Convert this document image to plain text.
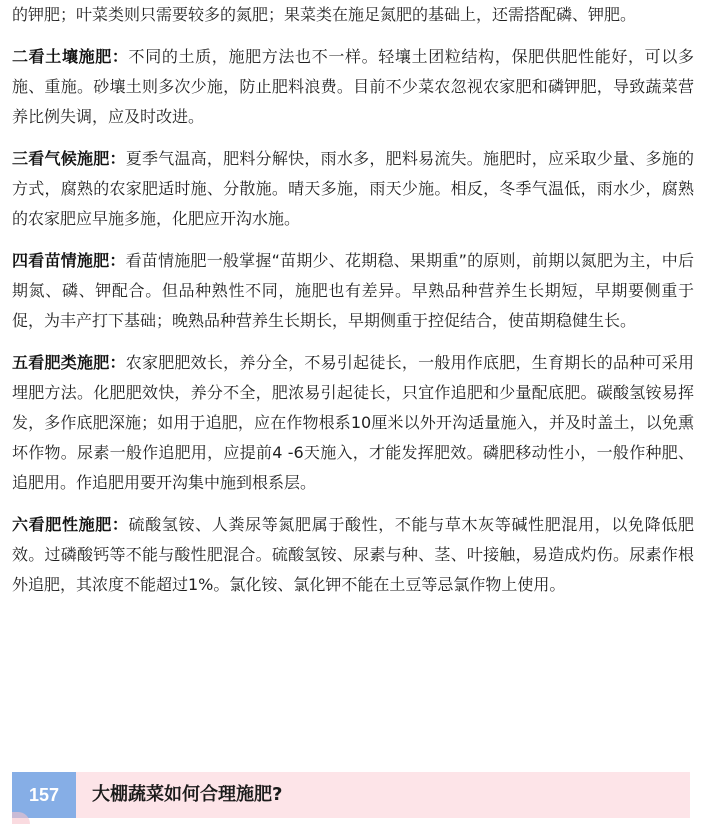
的钾肥；叶菜类则只需要较多的氮肥；果菜类在施足氮肥的基础上，还需搭配磷、钾肥。

二看土壤施肥：不同的土质，施肥方法也不一样。轻壤土团粒结构，保肥供肥性能好，可以多施、重施。砂壤土则多次少施，防止肥料浪费。目前不少菜农忽视农家肥和磷钾肥，导致蔬菜营养比例失调，应及时改进。

三看气候施肥：夏季气温高，肥料分解快，雨水多，肥料易流失。施肥时，应采取少量、多施的方式，腐熟的农家肥适时施、分散施。晴天多施，雨天少施。相反，冬季气温低，雨水少，腐熟的农家肥应早施多施，化肥应开沟水施。

四看苗情施肥：看苗情施肥一般掌握“苗期少、花期稳、果期重”的原则，前期以氮肥为主，中后期氮、磷、钾配合。但品种熟性不同，施肥也有差异。早熟品种营养生长期短，早期要侧重于促，为丰产打下基础；晚熟品种营养生长期长，早期侧重于控促结合，使苗期稳健生长。

五看肥类施肥：农家肥肥效长，养分全，不易引起徒长，一般用作底肥，生育期长的品种可采用埋肥方法。化肥肥效快，养分不全，肥浓易引起徒长，只宜作追肥和少量配底肥。碳酸氢铵易挥发，多作底肥深施；如用于追肥，应在作物根系10厘米以外开沟适量施入，并及时盖土，以免熏坏作物。尿素一般作追肥用，应提前4 -6天施入，才能发挥肥效。磷肥移动性小，一般作种肥、追肥用。作追肥用要开沟集中施到根系层。

六看肥性施肥：硫酸氢铵、人粪尿等氮肥属于酸性，不能与草木灰等碱性肥混用，以免降低肥效。过磷酸钙等不能与酸性肥混合。硫酸氢铵、尿素与种、茎、叶接触，易造成灼伤。尿素作根外追肥，其浓度不能超过1%。氯化铵、氯化钾不能在土豆等忌氯作物上使用。

157	大棚蔬菜如何合理施肥?
